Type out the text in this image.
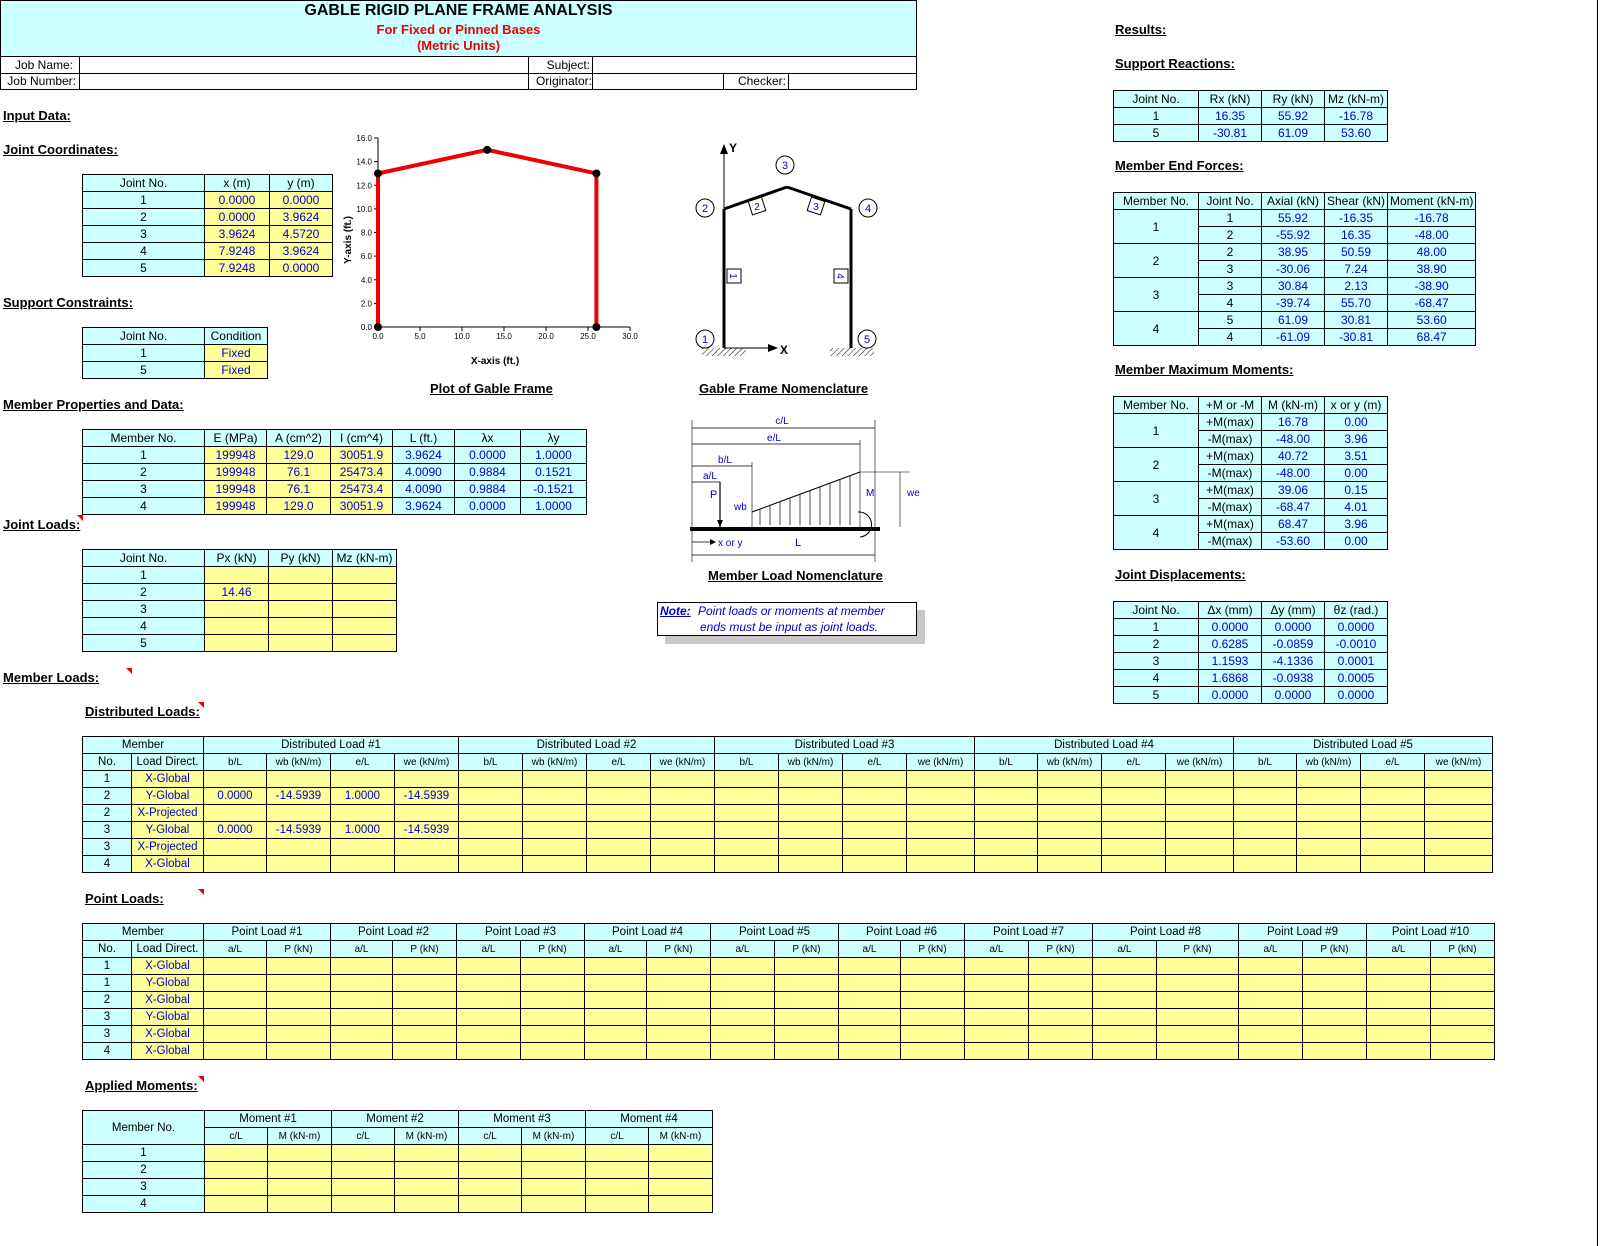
GABLE RIGID PLANE FRAME ANALYSIS
For Fixed or Pinned Bases
(Metric Units)
Job Name:
Job Number:
Subject:
Originator:	Checker:
Input Data:
Joint Coordinates:
Support Constraints:
Member Properties and Data:
Joint Loads:
Member Loads:
Distributed Loads:
Point Loads:
Applied Moments:
Results:
Support Reactions:
Member End Forces:
Member Maximum Moments:
Joint Displacements:
Joint No.	x (m)	y (m)
1	0.0000	0.0000
2	0.0000	3.9624
3	3.9624	4.5720
4	7.9248	3.9624
5	7.9248	0.0000
Joint No.	Condition
1	Fixed
5	Fixed
Member No.	E (MPa)	A (cm^2)	I (cm^4)	L (ft.)	λx	λy
1	199948	129.0	30051.9	3.9624	0.0000	1.0000
2	199948	76.1	25473.4	4.0090	0.9884	0.1521
3	199948	76.1	25473.4	4.0090	0.9884	-0.1521
4	199948	129.0	30051.9	3.9624	0.0000	1.0000
Joint No.	Px (kN)	Py (kN)	Mz (kN-m)
1			
2	14.46		
3			
4			
5			
0.0	5.0	10.0	15.0	20.0	25.0	30.0
0.0
2.0
4.0
6.0
8.0
10.0
12.0
14.0
16.0
X-axis (ft.)
Y-axis (ft.)
Plot of Gable Frame
Y
X
1
2
3
4
5
1
2	3
4
Gable Frame Nomenclature
c/L
e/L
b/L
a/L
P
wb
M	we
x or y	L
Member Load Nomenclature
Note: Point loads or moments at member
ends must be input as joint loads.
Member		Distributed Load #1				Distributed Load #2				Distributed Load #3				Distributed Load #4				Distributed Load #5			
No.	Load Direct.	b/L	wb (kN/m)	e/L	we (kN/m)	b/L	wb (kN/m)	e/L	we (kN/m)	b/L	wb (kN/m)	e/L	we (kN/m)	b/L	wb (kN/m)	e/L	we (kN/m)	b/L	wb (kN/m)	e/L	we (kN/m)
1	X-Global																				
2	Y-Global	0.0000	-14.5939	1.0000	-14.5939																
2	X-Projected																				
3	Y-Global	0.0000	-14.5939	1.0000	-14.5939																
3	X-Projected																				
4	X-Global																				
Member		Point Load #1		Point Load #2		Point Load #3		Point Load #4		Point Load #5		Point Load #6		Point Load #7		Point Load #8		Point Load #9		Point Load #10	
No.	Load Direct.	a/L	P (kN)	a/L	P (kN)	a/L	P (kN)	a/L	P (kN)	a/L	P (kN)	a/L	P (kN)	a/L	P (kN)	a/L	P (kN)	a/L	P (kN)	a/L	P (kN)
1	X-Global																				
1	Y-Global																				
2	X-Global																				
3	Y-Global																				
3	X-Global																				
4	X-Global																				
Member No.	Moment #1		Moment #2		Moment #3		Moment #4	
	c/L	M (kN-m)	c/L	M (kN-m)	c/L	M (kN-m)	c/L	M (kN-m)
1								
2								
3								
4								
Joint No.	Rx (kN)	Ry (kN)	Mz (kN-m)
1	16.35	55.92	-16.78
5	-30.81	61.09	53.60
Member No.	Joint No.	Axial (kN)	Shear (kN)	Moment (kN-m)
1	1	55.92	-16.35	-16.78
	2	-55.92	16.35	-48.00
2	2	38.95	50.59	48.00
	3	-30.06	7.24	38.90
3	3	30.84	2.13	-38.90
	4	-39.74	55.70	-68.47
4	5	61.09	30.81	53.60
	4	-61.09	-30.81	68.47
Member No.	+M or -M	M (kN-m)	x or y (m)
1	+M(max)	16.78	0.00
	-M(max)	-48.00	3.96
2	+M(max)	40.72	3.51
	-M(max)	-48.00	0.00
3	+M(max)	39.06	0.15
	-M(max)	-68.47	4.01
4	+M(max)	68.47	3.96
	-M(max)	-53.60	0.00
Joint No.	Δx (mm)	Δy (mm)	θz (rad.)
1	0.0000	0.0000	0.0000
2	0.6285	-0.0859	-0.0010
3	1.1593	-4.1336	0.0001
4	1.6868	-0.0938	0.0005
5	0.0000	0.0000	0.0000
